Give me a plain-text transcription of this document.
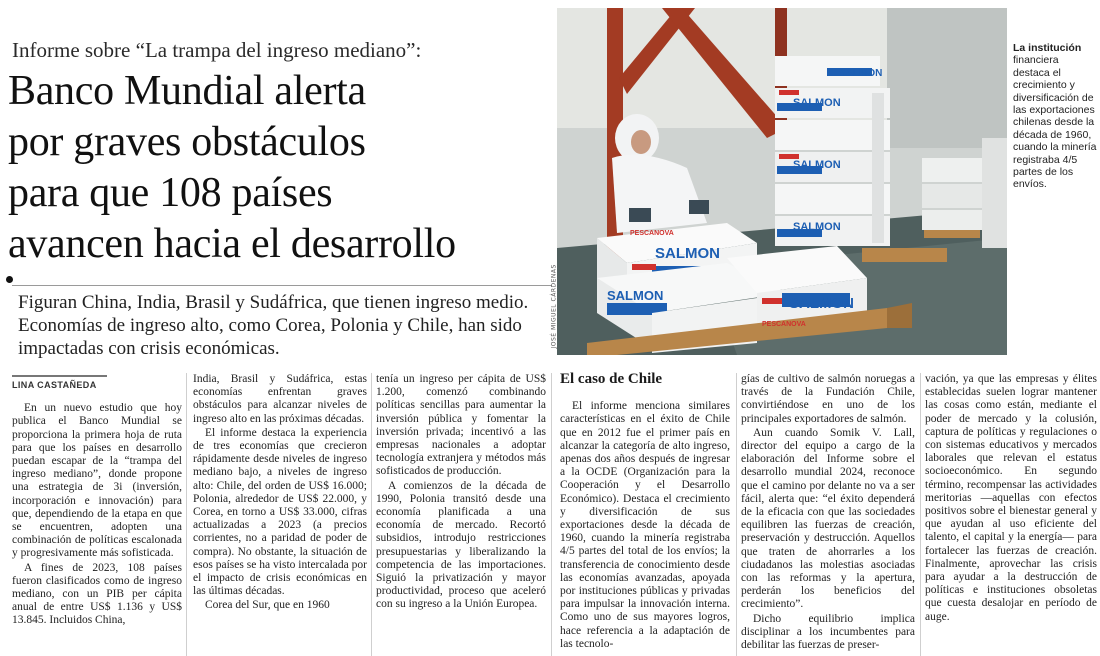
Informe sobre “La trampa del ingreso mediano”:
Banco Mundial alerta
por graves obstáculos
para que 108 países
avancen hacia el desarrollo
Figuran China, India, Brasil y Sudáfrica, que tienen ingreso medio. Economías de ingreso alto, como Corea, Polonia y Chile, han sido impactadas con crisis económicas.
SALMON
SALMON	SALMON
SALMON
SALMON
SALMON
SALMON
PESCANOVA
PESCANOVA
JOSÉ MIGUEL CÁRDENAS
La institución financiera destaca el crecimiento y diversificación de las exportaciones chilenas desde la década de 1960, cuando la minería registraba 4/5 partes de los envíos.
LINA CASTAÑEDA

En un nuevo estudio que hoy publica el Banco Mundial se proporciona la primera hoja de ruta para que los países en desarrollo puedan escapar de la “trampa del ingreso mediano”, donde propone una estrategia de 3i (inversión, incorporación e innovación) para que, dependiendo de la etapa en que se encuentren, adopten una combinación de políticas escalonada y progresivamente más sofisticada.

A fines de 2023, 108 países fueron clasificados como de ingreso mediano, con un PIB per cápita anual de entre US$ 1.136 y US$ 13.845. Incluidos China,

India, Brasil y Sudáfrica, estas economías enfrentan graves obstáculos para alcanzar niveles de ingreso alto en las próximas décadas.

El informe destaca la experiencia de tres economías que crecieron rápidamente desde niveles de ingreso mediano bajo, a niveles de ingreso alto: Chile, del orden de US$ 16.000; Polonia, alrededor de US$ 22.000, y Corea, en torno a US$ 33.000, cifras actualizadas a 2023 (a precios corrientes, no a paridad de poder de compra). No obstante, la situación de esos países se ha visto intercalada por el impacto de crisis económicas en las últimas décadas.

Corea del Sur, que en 1960

tenía un ingreso per cápita de US$ 1.200, comenzó combinando políticas sencillas para aumentar la inversión pública y fomentar la inversión privada; incentivó a las empresas nacionales a adoptar tecnología extranjera y métodos más sofisticados de producción.

A comienzos de la década de 1990, Polonia transitó desde una economía planificada a una economía de mercado. Recortó subsidios, introdujo restricciones presupuestarias y liberalizando la competencia de las importaciones. Siguió la privatización y mayor productividad, proceso que aceleró con su ingreso a la Unión Europea.

El caso de Chile

El informe menciona similares características en el éxito de Chile que en 2012 fue el primer país en alcanzar la categoría de alto ingreso, apenas dos años después de ingresar a la OCDE (Organización para la Cooperación y el Desarrollo Económico). Destaca el crecimiento y diversificación de sus exportaciones desde la década de 1960, cuando la minería registraba 4/5 partes del total de los envíos; la transferencia de conocimiento desde las economías avanzadas, apoyada por instituciones públicas y privadas para impulsar la innovación interna. Como uno de sus mayores logros, hace referencia a la adaptación de las tecnolo-

gías de cultivo de salmón noruegas a través de la Fundación Chile, convirtiéndose en uno de los principales exportadores de salmón.

Aun cuando Somik V. Lall, director del equipo a cargo de la elaboración del Informe sobre el desarrollo mundial 2024, reconoce que el camino por delante no va a ser fácil, alerta que: “el éxito dependerá de la eficacia con que las sociedades equilibren las fuerzas de creación, preservación y destrucción. Aquellos que traten de ahorrarles a los ciudadanos las molestias asociadas con las reformas y la apertura, perderán los beneficios del crecimiento”.

Dicho equilibrio implica disciplinar a los incumbentes para debilitar las fuerzas de preser-

vación, ya que las empresas y élites establecidas suelen lograr mantener las cosas como están, mediante el poder de mercado y la colusión, captura de políticas y regulaciones o con sistemas educativos y mercados laborales que relevan el estatus socioeconómico. En segundo término, recompensar las actividades meritorias —aquellas con efectos positivos sobre el bienestar general y que ayudan al uso eficiente del talento, el capital y la energía— para fortalecer las fuerzas de creación. Finalmente, aprovechar las crisis para ayudar a la destrucción de políticas e instituciones obsoletas que cuesta desalojar en período de auge.
